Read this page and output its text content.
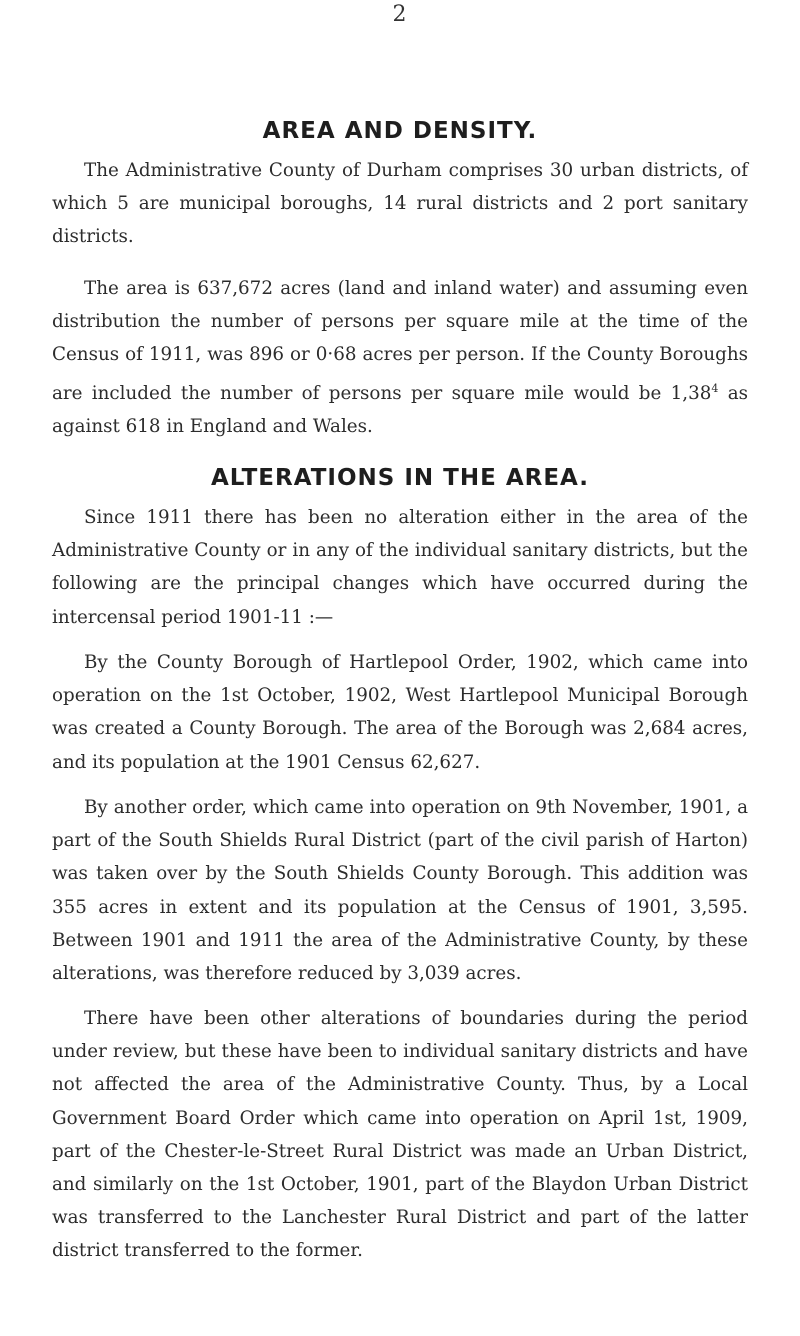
2
AREA AND DENSITY.

The Administrative County of Durham comprises 30 urban districts, of which 5 are municipal boroughs, 14 rural districts and 2 port sanitary districts.

The area is 637,672 acres (land and inland water) and assuming even distribution the number of persons per square mile at the time of the Census of 1911, was 896 or 0·68 acres per person. If the County Boroughs are included the number of persons per square mile would be 1,38$^4$ as against 618 in England and Wales.

ALTERATIONS IN THE AREA.

Since 1911 there has been no alteration either in the area of the Administrative County or in any of the individual sanitary districts, but the following are the principal changes which have occurred during the intercensal period 1901-11 :—

By the County Borough of Hartlepool Order, 1902, which came into operation on the 1st October, 1902, West Hartlepool Municipal Borough was created a County Borough. The area of the Borough was 2,684 acres, and its population at the 1901 Census 62,627.

By another order, which came into operation on 9th November, 1901, a part of the South Shields Rural District (part of the civil parish of Harton) was taken over by the South Shields County Borough. This addition was 355 acres in extent and its population at the Census of 1901, 3,595. Between 1901 and 1911 the area of the Administrative County, by these alterations, was therefore reduced by 3,039 acres.

There have been other alterations of boundaries during the period under review, but these have been to individual sanitary districts and have not affected the area of the Administrative County. Thus, by a Local Government Board Order which came into operation on April 1st, 1909, part of the Chester-le-Street Rural District was made an Urban District, and similarly on the 1st October, 1901, part of the Blaydon Urban District was transferred to the Lanchester Rural District and part of the latter district transferred to the former.
